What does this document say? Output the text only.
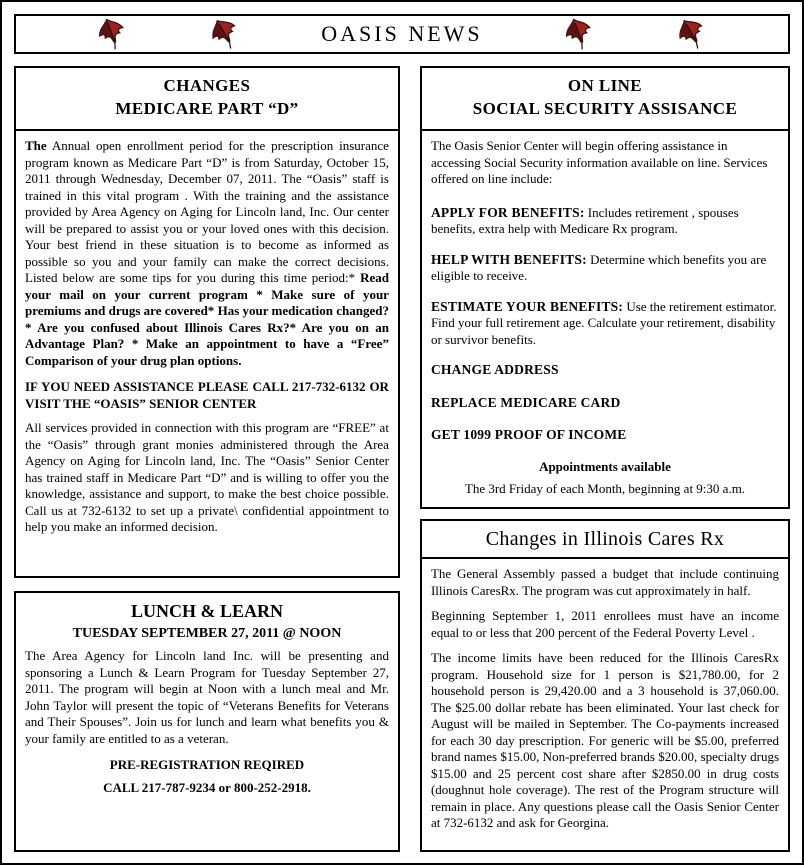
OASIS NEWS
CHANGES
MEDICARE PART “D”

The Annual open enrollment period for the prescription insurance program known as Medicare Part “D” is from Saturday, October 15, 2011 through Wednesday, December 07, 2011. The “Oasis” staff is trained in this vital program . With the training and the assistance provided by Area Agency on Aging for Lincoln land, Inc. Our center will be prepared to assist you or your loved ones with this decision. Your best friend in these situation is to become as informed as possible so you and your family can make the correct decisions. Listed below are some tips for you during this time period:* Read your mail on your current program * Make sure of your premiums and drugs are covered* Has your medication changed? * Are you confused about Illinois Cares Rx?* Are you on an Advantage Plan? * Make an appointment to have a “Free” Comparison of your drug plan options.

IF YOU NEED ASSISTANCE PLEASE CALL 217-732-6132 OR VISIT THE “OASIS” SENIOR CENTER

All services provided in connection with this program are “FREE” at the “Oasis” through grant monies administered through the Area Agency on Aging for Lincoln land, Inc. The “Oasis” Senior Center has trained staff in Medicare Part “D” and is willing to offer you the knowledge, assistance and support, to make the best choice possible. Call us at 732-6132 to set up a private\ confidential appointment to help you make an informed decision.

LUNCH & LEARN
TUESDAY SEPTEMBER 27, 2011 @ NOON

The Area Agency for Lincoln land Inc. will be presenting and sponsoring a Lunch & Learn Program for Tuesday September 27, 2011. The program will begin at Noon with a lunch meal and Mr. John Taylor will present the topic of “Veterans Benefits for Veterans and Their Spouses”. Join us for lunch and learn what benefits you & your family are entitled to as a veteran.

PRE-REGISTRATION REQIRED

CALL 217-787-9234 or 800-252-2918.

ON LINE
SOCIAL SECURITY ASSISANCE

The Oasis Senior Center will begin offering assistance in accessing Social Security information available on line. Services offered on line include:

APPLY FOR BENEFITS: Includes retirement , spouses benefits, extra help with Medicare Rx program.

HELP WITH BENEFITS: Determine which benefits you are eligible to receive.

ESTIMATE YOUR BENEFITS: Use the retirement estimator. Find your full retirement age. Calculate your retirement, disability or survivor benefits.

CHANGE ADDRESS

REPLACE MEDICARE CARD

GET 1099 PROOF OF INCOME

Appointments available

The 3rd Friday of each Month, beginning at 9:30 a.m.

Changes in Illinois Cares Rx

The General Assembly passed a budget that include continuing Illinois CaresRx. The program was cut approximately in half.

Beginning September 1, 2011 enrollees must have an income equal to or less that 200 percent of the Federal Poverty Level .

The income limits have been reduced for the Illinois CaresRx program. Household size for 1 person is $21,780.00, for 2 household person is 29,420.00 and a 3 household is 37,060.00. The $25.00 dollar rebate has been eliminated. Your last check for August will be mailed in September. The Co-payments increased for each 30 day prescription. For generic will be $5.00, preferred brand names $15.00, Non-preferred brands $20.00, specialty drugs $15.00 and 25 percent cost share after $2850.00 in drug costs (doughnut hole coverage). The rest of the Program structure will remain in place. Any questions please call the Oasis Senior Center at 732-6132 and ask for Georgina.
